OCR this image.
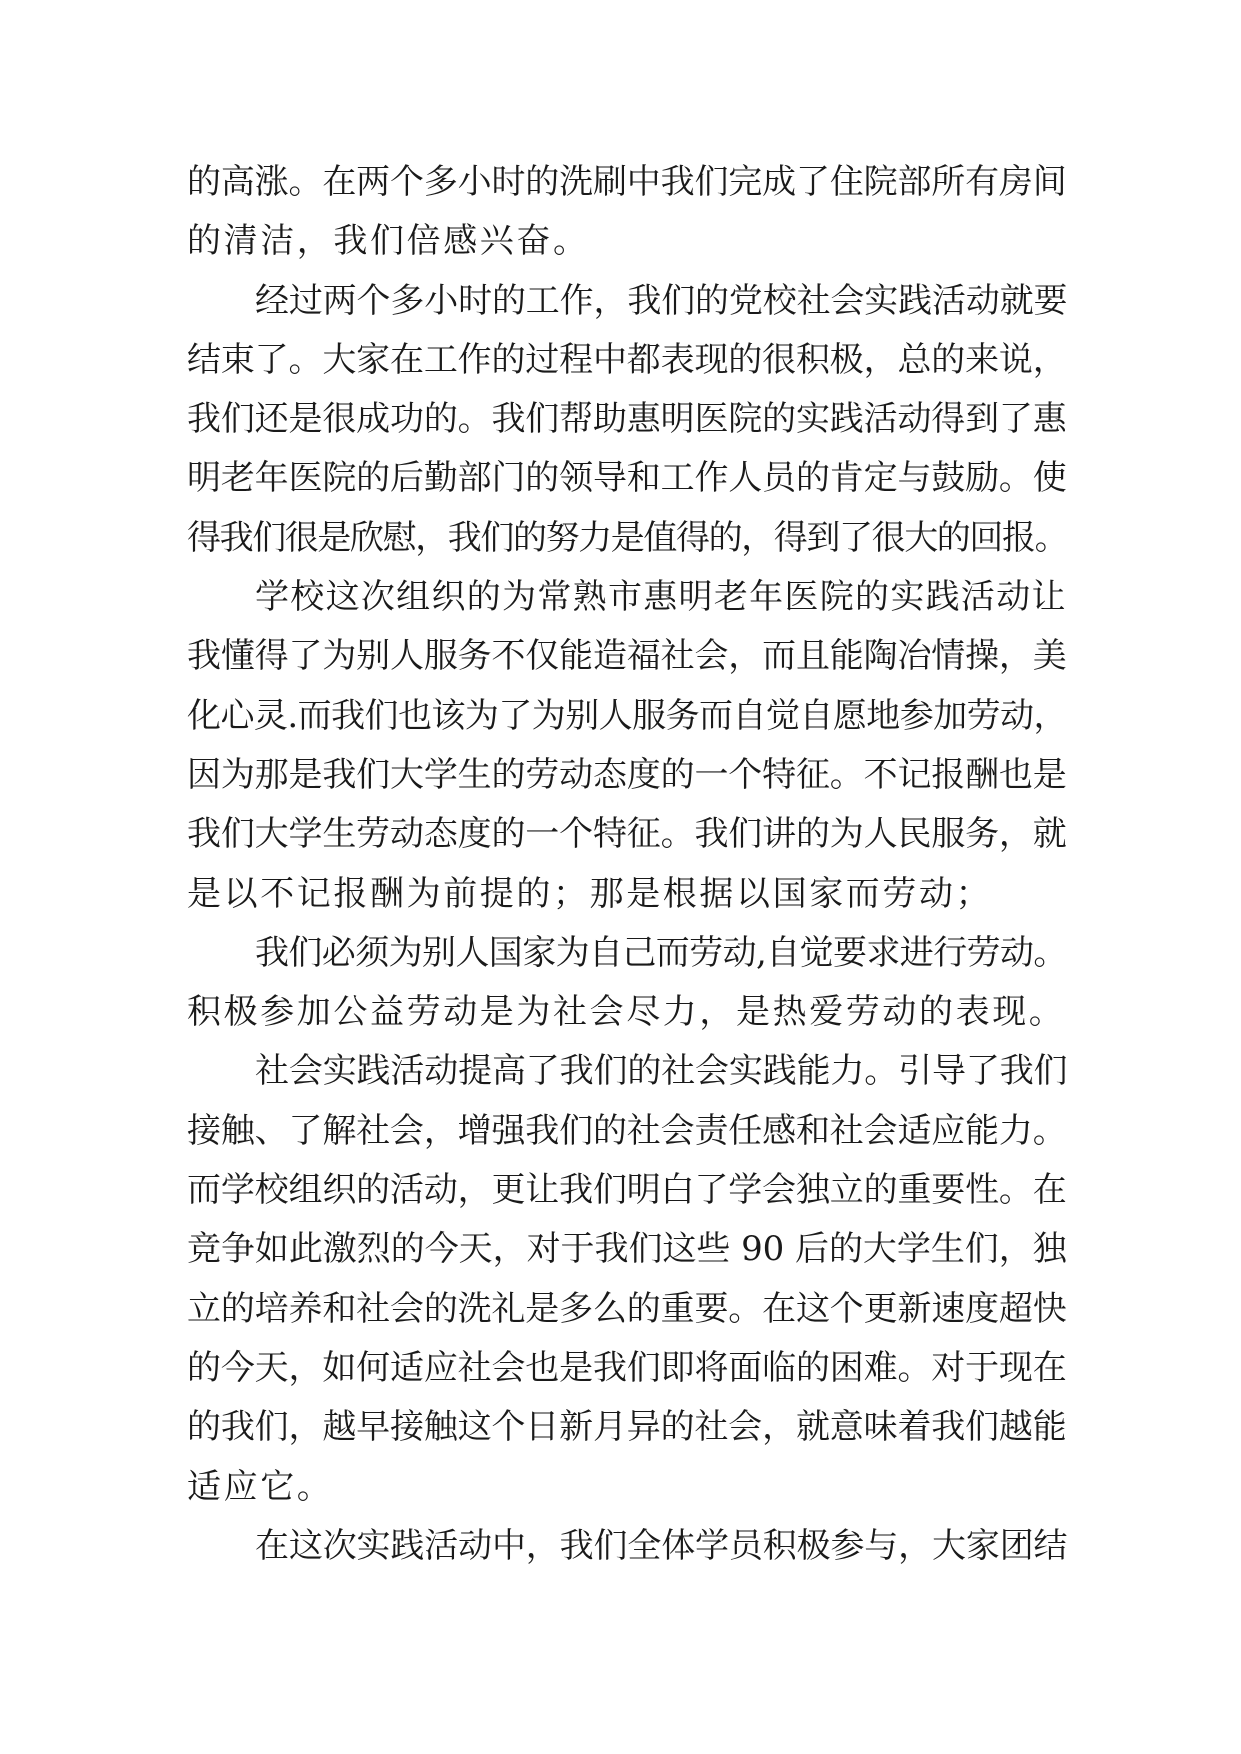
的高涨。在两个多小时的洗刷中我们完成了住院部所有房间
的清洁，我们倍感兴奋。
经过两个多小时的工作，我们的党校社会实践活动就要
结束了。大家在工作的过程中都表现的很积极，总的来说，
我们还是很成功的。我们帮助惠明医院的实践活动得到了惠
明老年医院的后勤部门的领导和工作人员的肯定与鼓励。使
得我们很是欣慰，我们的努力是值得的，得到了很大的回报。
学校这次组织的为常熟市惠明老年医院的实践活动让
我懂得了为别人服务不仅能造福社会，而且能陶冶情操，美
化心灵.而我们也该为了为别人服务而自觉自愿地参加劳动，
因为那是我们大学生的劳动态度的一个特征。不记报酬也是
我们大学生劳动态度的一个特征。我们讲的为人民服务，就
是以不记报酬为前提的；那是根据以国家而劳动；
我们必须为别人国家为自己而劳动,自觉要求进行劳动。
积极参加公益劳动是为社会尽力，是热爱劳动的表现。
社会实践活动提高了我们的社会实践能力。引导了我们
接触、了解社会，增强我们的社会责任感和社会适应能力。
而学校组织的活动，更让我们明白了学会独立的重要性。在
竞争如此激烈的今天，对于我们这些 90 后的大学生们，独
立的培养和社会的洗礼是多么的重要。在这个更新速度超快
的今天，如何适应社会也是我们即将面临的困难。对于现在
的我们，越早接触这个日新月异的社会，就意味着我们越能
适应它。
在这次实践活动中，我们全体学员积极参与，大家团结
